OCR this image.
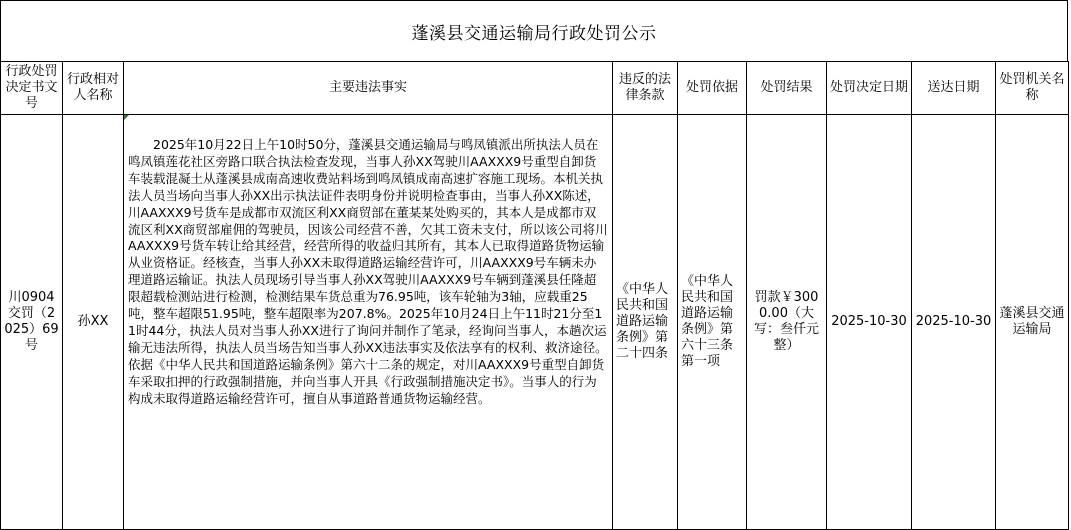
蓬溪县交通运输局行政处罚公示
行政处罚决定书文号	行政相对人名称	主要违法事实	违反的法律条款	处罚依据	处罚结果	处罚决定日期	送达日期	处罚机关名称
川0904交罚（2025）69号	孙XX	2025年10月22日上午10时50分，蓬溪县交通运输局与鸣凤镇派出所执法人员在鸣凤镇莲花社区旁路口联合执法检查发现，当事人孙XX驾驶川AAXXX9号重型自卸货车装载混凝土从蓬溪县成南高速收费站料场到鸣凤镇成南高速扩容施工现场。本机关执法人员当场向当事人孙XX出示执法证件表明身份并说明检查事由，当事人孙XX陈述，川AAXXX9号货车是成都市双流区利XX商贸部在董某某处购买的，其本人是成都市双流区利XX商贸部雇佣的驾驶员，因该公司经营不善，欠其工资未支付，所以该公司将川AAXXX9号货车转让给其经营，经营所得的收益归其所有，其本人已取得道路货物运输从业资格证。经核查，当事人孙XX未取得道路运输经营许可，川AAXXX9号车辆未办理道路运输证。执法人员现场引导当事人孙XX驾驶川AAXXX9号车辆到蓬溪县任隆超限超载检测站进行检测，检测结果车货总重为76.95吨，该车轮轴为3轴，应载重25吨，整车超限51.95吨，整车超限率为207.8%。2025年10月24日上午11时21分至11时44分，执法人员对当事人孙XX进行了询问并制作了笔录，经询问当事人，本趟次运输无违法所得，执法人员当场告知当事人孙XX违法事实及依法享有的权利、救济途径。依据《中华人民共和国道路运输条例》第六十二条的规定，对川AAXXX9号重型自卸货车采取扣押的行政强制措施，并向当事人开具《行政强制措施决定书》。当事人的行为构成未取得道路运输经营许可，擅自从事道路普通货物运输经营。	《中华人民共和国道路运输条例》第二十四条	《中华人民共和国道路运输条例》第六十三条第一项	罚款￥3000.00（大写：叁仟元整）	2025-10-30	2025-10-30	蓬溪县交通运输局
